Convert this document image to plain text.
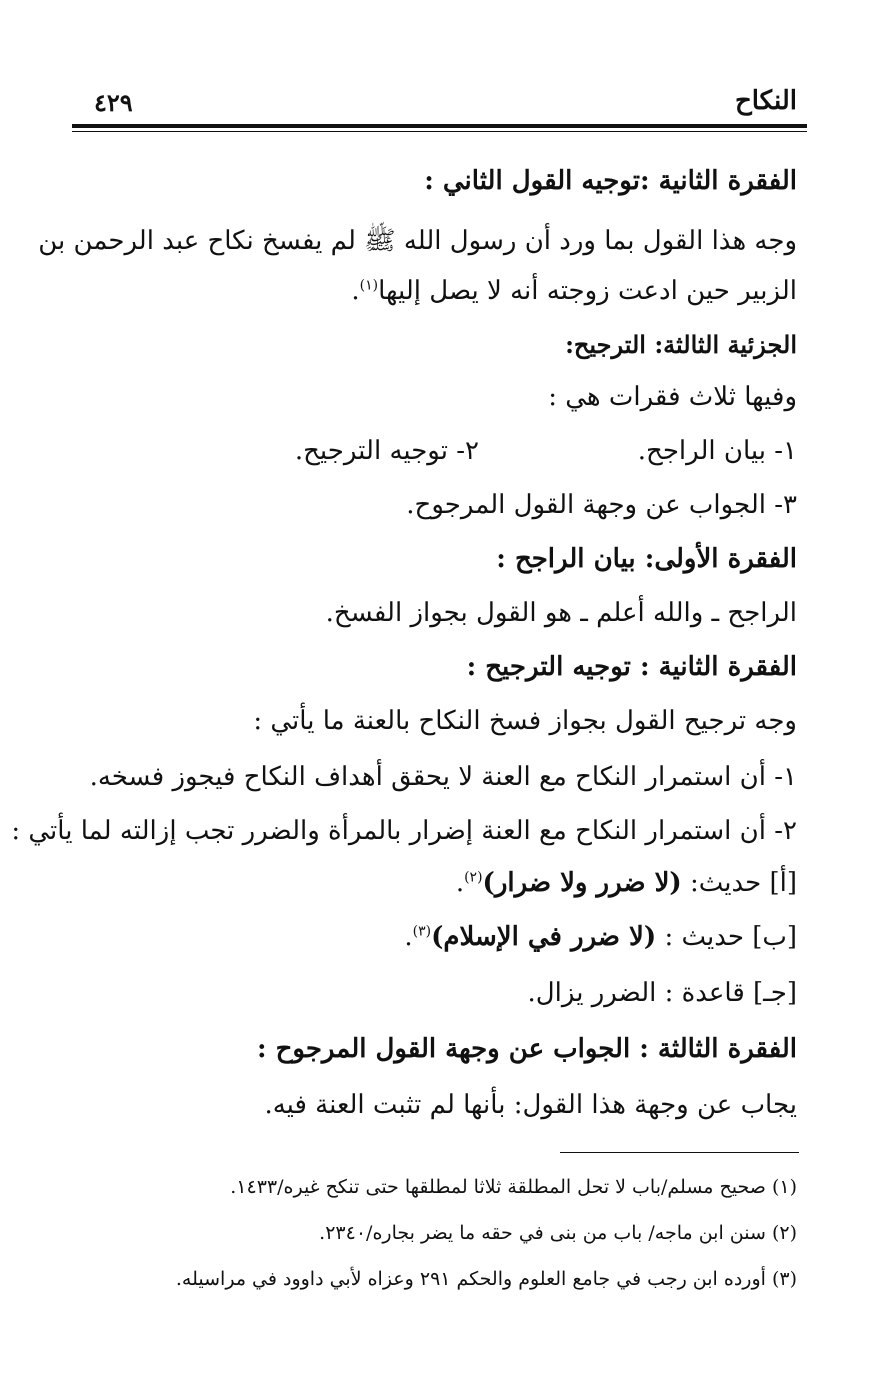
النكاح
٤٢٩
الفقرة الثانية :توجيه القول الثاني :
وجه هذا القول بما ورد أن رسول الله ﷺ لم يفسخ نكاح عبد الرحمن بن
الزبير حين ادعت زوجته أنه لا يصل إليها$^{(١)}$.
الجزئية الثالثة: الترجيح:
وفيها ثلاث فقرات هي :
١- بيان الراجح.
٢- توجيه الترجيح.
٣- الجواب عن وجهة القول المرجوح.
الفقرة الأولى: بيان الراجح :
الراجح ـ والله أعلم ـ هو القول بجواز الفسخ.
الفقرة الثانية : توجيه الترجيح :
وجه ترجيح القول بجواز فسخ النكاح بالعنة ما يأتي :
١- أن استمرار النكاح مع العنة لا يحقق أهداف النكاح فيجوز فسخه.
٢- أن استمرار النكاح مع العنة إضرار بالمرأة والضرر تجب إزالته لما يأتي :
[أ] حديث: (لا ضرر ولا ضرار)$^{(٢)}$.
[ب] حديث : (لا ضرر في الإسلام)$^{(٣)}$.
[جـ] قاعدة : الضرر يزال.
الفقرة الثالثة : الجواب عن وجهة القول المرجوح :
يجاب عن وجهة هذا القول: بأنها لم تثبت العنة فيه.
(١) صحيح مسلم/باب لا تحل المطلقة ثلاثا لمطلقها حتى تنكح غيره/١٤٣٣.
(٢) سنن ابن ماجه/ باب من بنى في حقه ما يضر بجاره/٢٣٤٠.
(٣) أورده ابن رجب في جامع العلوم والحكم ٢٩١ وعزاه لأبي داوود في مراسيله.
